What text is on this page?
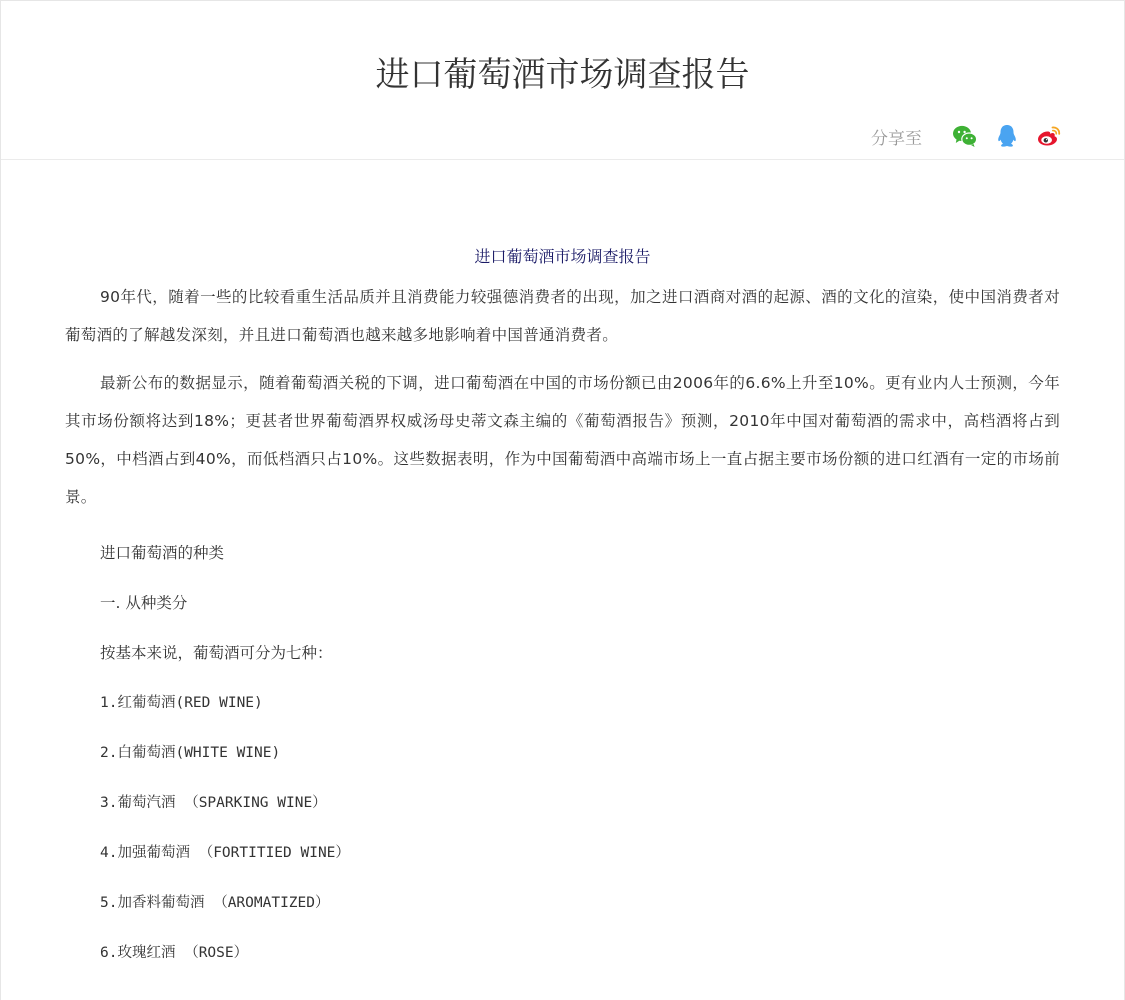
进口葡萄酒市场调查报告
分享至
进口葡萄酒市场调查报告

90年代，随着一些的比较看重生活品质并且消费能力较强德消费者的出现，加之进口酒商对酒的起源、酒的文化的渲染，使中国消费者对葡萄酒的了解越发深刻，并且进口葡萄酒也越来越多地影响着中国普通消费者。

最新公布的数据显示，随着葡萄酒关税的下调，进口葡萄酒在中国的市场份额已由2006年的6.6%上升至10%。更有业内人士预测，今年其市场份额将达到18%；更甚者世界葡萄酒界权威汤母史蒂文森主编的《葡萄酒报告》预测，2010年中国对葡萄酒的需求中，高档酒将占到50%，中档酒占到40%，而低档酒只占10%。这些数据表明，作为中国葡萄酒中高端市场上一直占据主要市场份额的进口红酒有一定的市场前景。

进口葡萄酒的种类

一. 从种类分

按基本来说，葡萄酒可分为七种：

1.红葡萄酒(RED WINE)

2.白葡萄酒(WHITE WINE)

3.葡萄汽酒 （SPARKING WINE）

4.加强葡萄酒 （FORTITIED WINE）

5.加香料葡萄酒 （AROMATIZED）

6.玫瑰红酒 （ROSE）
